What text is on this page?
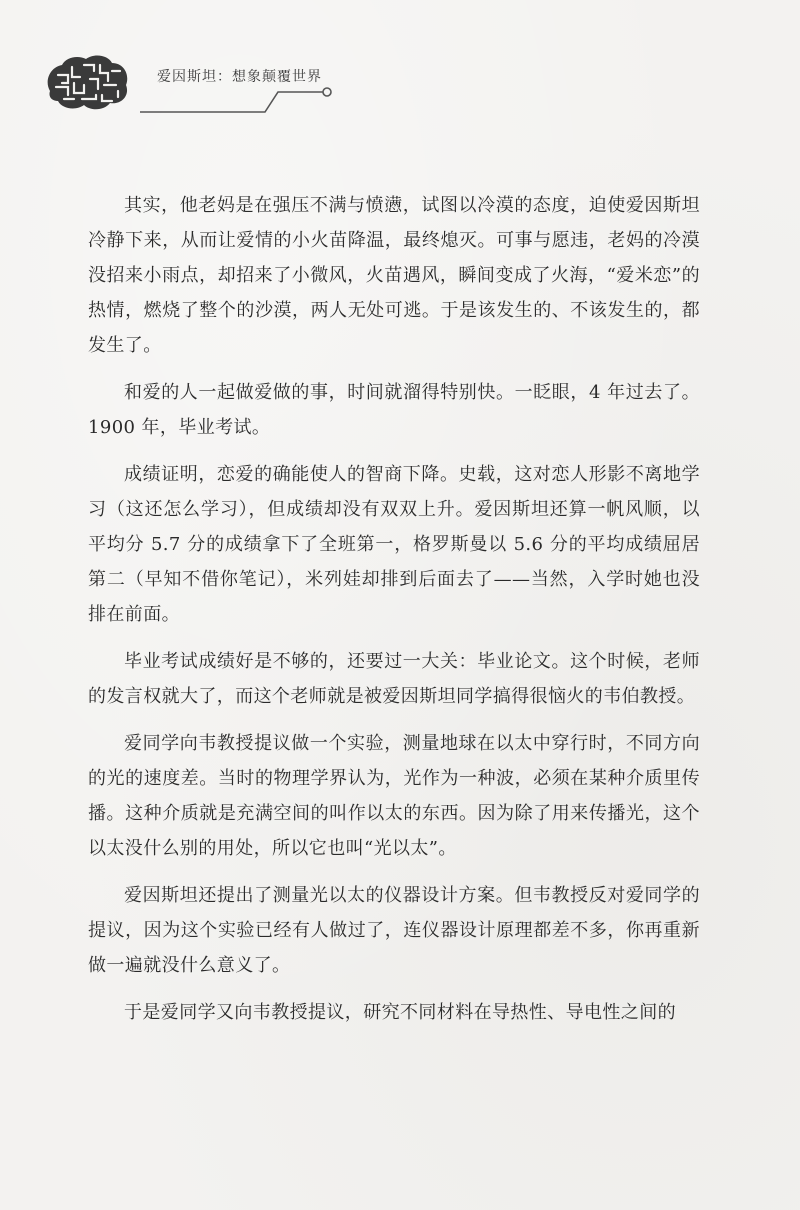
爱因斯坦：想象颠覆世界

其实，他老妈是在强压不满与愤懑，试图以冷漠的态度，迫使爱因斯坦冷静下来，从而让爱情的小火苗降温，最终熄灭。可事与愿违，老妈的冷漠没招来小雨点，却招来了小微风，火苗遇风，瞬间变成了火海，“爱米恋”的热情，燃烧了整个的沙漠，两人无处可逃。于是该发生的、不该发生的，都发生了。

和爱的人一起做爱做的事，时间就溜得特别快。一眨眼，4 年过去了。1900 年，毕业考试。

成绩证明，恋爱的确能使人的智商下降。史载，这对恋人形影不离地学习（这还怎么学习），但成绩却没有双双上升。爱因斯坦还算一帆风顺，以平均分 5.7 分的成绩拿下了全班第一，格罗斯曼以 5.6 分的平均成绩屈居第二（早知不借你笔记），米列娃却排到后面去了——当然，入学时她也没排在前面。

毕业考试成绩好是不够的，还要过一大关：毕业论文。这个时候，老师的发言权就大了，而这个老师就是被爱因斯坦同学搞得很恼火的韦伯教授。

爱同学向韦教授提议做一个实验，测量地球在以太中穿行时，不同方向的光的速度差。当时的物理学界认为，光作为一种波，必须在某种介质里传播。这种介质就是充满空间的叫作以太的东西。因为除了用来传播光，这个以太没什么别的用处，所以它也叫“光以太”。

爱因斯坦还提出了测量光以太的仪器设计方案。但韦教授反对爱同学的提议，因为这个实验已经有人做过了，连仪器设计原理都差不多，你再重新做一遍就没什么意义了。

于是爱同学又向韦教授提议，研究不同材料在导热性、导电性之间的
